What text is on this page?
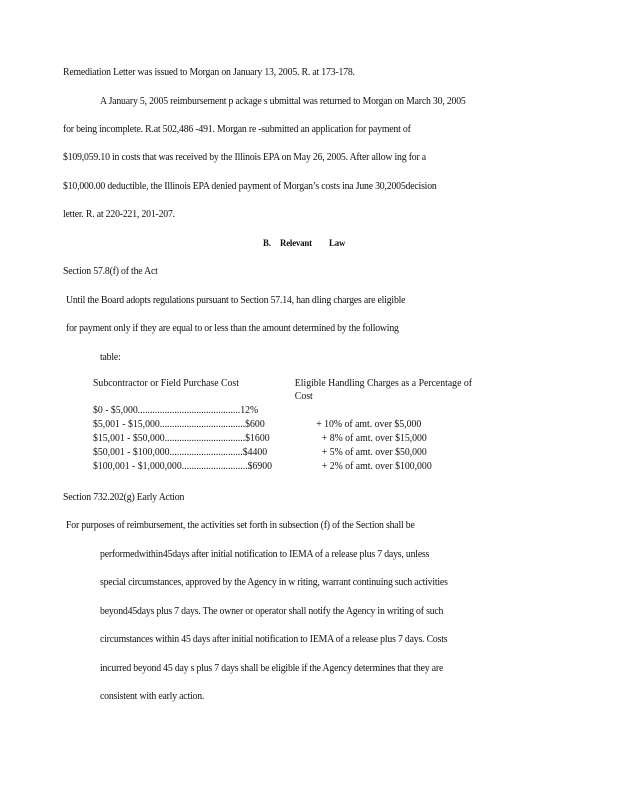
Remediation Letter was issued to Morgan on January 13, 2005. R. at 173-178.
A January 5, 2005 reimbursement p ackage s ubmittal was returned to Morgan on March 30, 2005
for being incomplete. R.at 502,486 -491. Morgan re -submitted an application for payment of
$109,059.10 in costs that was received by the Illinois EPA on May 26, 2005. After allow ing for a
$10,000.00 deductible, the Illinois EPA denied payment of Morgan’s costs ina June 30,2005decision
letter. R. at 220-221, 201-207.
B. Relevant Law
Section 57.8(f) of the Act
Until the Board adopts regulations pursuant to Section 57.14, han dling charges are eligible
for payment only if they are equal to or less than the amount determined by the following
table:
Subcontractor or Field Purchase Cost	Eligible Handling Charges as a Percentage of
Cost
$0 - $5,000..........................................12%
$5,001 - $15,000...................................$600	+ 10% of amt. over $5,000
$15,001 - $50,000.................................$1600	+ 8% of amt. over $15,000
$50,001 - $100,000..............................$4400	+ 5% of amt. over $50,000
$100,001 - $1,000,000...........................$6900	+ 2% of amt. over $100,000
Section 732.202(g) Early Action
For purposes of reimbursement, the activities set forth in subsection (f) of the Section shall be
performedwithin45days after initial notification to IEMA of a release plus 7 days, unless
special circumstances, approved by the Agency in w riting, warrant continuing such activities
beyond45days plus 7 days. The owner or operator shall notify the Agency in writing of such
circumstances within 45 days after initial notification to IEMA of a release plus 7 days. Costs
incurred beyond 45 day s plus 7 days shall be eligible if the Agency determines that they are
consistent with early action.
